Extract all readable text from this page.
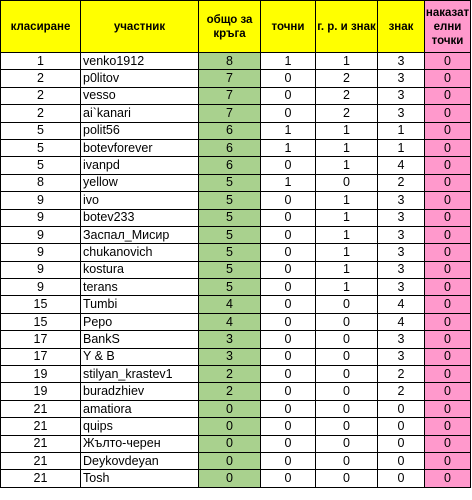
класиране	участник	общо за кръга	точни	г. р. и знак	знак	наказат елни точки
1	venko1912	8	1	1	3	0
2	p0litov	7	0	2	3	0
2	vesso	7	0	2	3	0
2	ai`kanari	7	0	2	3	0
5	polit56	6	1	1	1	0
5	botevforever	6	1	1	1	0
5	ivanpd	6	0	1	4	0
8	yellow	5	1	0	2	0
9	ivo	5	0	1	3	0
9	botev233	5	0	1	3	0
9	Заспал_Мисир	5	0	1	3	0
9	chukanovich	5	0	1	3	0
9	kostura	5	0	1	3	0
9	terans	5	0	1	3	0
15	Tumbi	4	0	0	4	0
15	Pepo	4	0	0	4	0
17	BankS	3	0	0	3	0
17	Y & B	3	0	0	3	0
19	stilyan_krastev1	2	0	0	2	0
19	buradzhiev	2	0	0	2	0
21	amatiora	0	0	0	0	0
21	quips	0	0	0	0	0
21	Жълто-черен	0	0	0	0	0
21	Deykovdeyan	0	0	0	0	0
21	Tosh	0	0	0	0	0
